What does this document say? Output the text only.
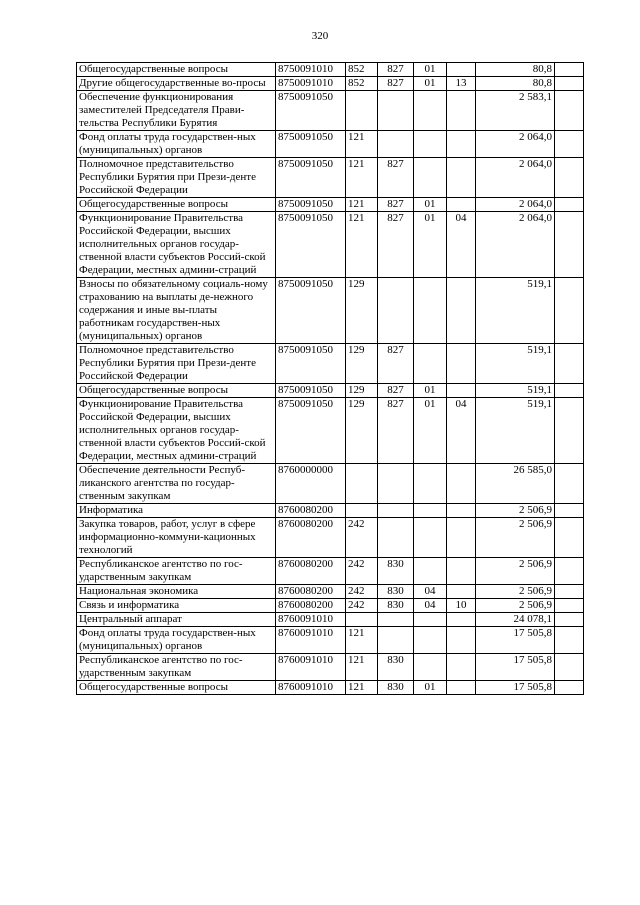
320
Общегосударственные вопросы	8750091010	852	827	01		80,8	
Другие общегосударственные во-просы	8750091010	852	827	01	13	80,8	
Обеспечение функционирования заместителей Председателя Прави-тельства Республики Бурятия	8750091050					2 583,1	
Фонд оплаты труда государствен-ных (муниципальных) органов	8750091050	121				2 064,0	
Полномочное представительство Республики Бурятия при Прези-денте Российской Федерации	8750091050	121	827			2 064,0	
Общегосударственные вопросы	8750091050	121	827	01		2 064,0	
Функционирование Правительства Российской Федерации, высших исполнительных органов государ-ственной власти субъектов Россий-ской Федерации, местных админи-страций	8750091050	121	827	01	04	2 064,0	
Взносы по обязательному социаль-ному страхованию на выплаты де-нежного содержания и иные вы-платы работникам государствен-ных (муниципальных) органов	8750091050	129				519,1	
Полномочное представительство Республики Бурятия при Прези-денте Российской Федерации	8750091050	129	827			519,1	
Общегосударственные вопросы	8750091050	129	827	01		519,1	
Функционирование Правительства Российской Федерации, высших исполнительных органов государ-ственной власти субъектов Россий-ской Федерации, местных админи-страций	8750091050	129	827	01	04	519,1	
Обеспечение деятельности Респуб-ликанского агентства по государ-ственным закупкам	8760000000					26 585,0	
Информатика	8760080200					2 506,9	
Закупка товаров, работ, услуг в сфере информационно-коммуни-кационных технологий	8760080200	242				2 506,9	
Республиканское агентство по гос-ударственным закупкам	8760080200	242	830			2 506,9	
Национальная экономика	8760080200	242	830	04		2 506,9	
Связь и информатика	8760080200	242	830	04	10	2 506,9	
Центральный аппарат	8760091010					24 078,1	
Фонд оплаты труда государствен-ных (муниципальных) органов	8760091010	121				17 505,8	
Республиканское агентство по гос-ударственным закупкам	8760091010	121	830			17 505,8	
Общегосударственные вопросы	8760091010	121	830	01		17 505,8	
